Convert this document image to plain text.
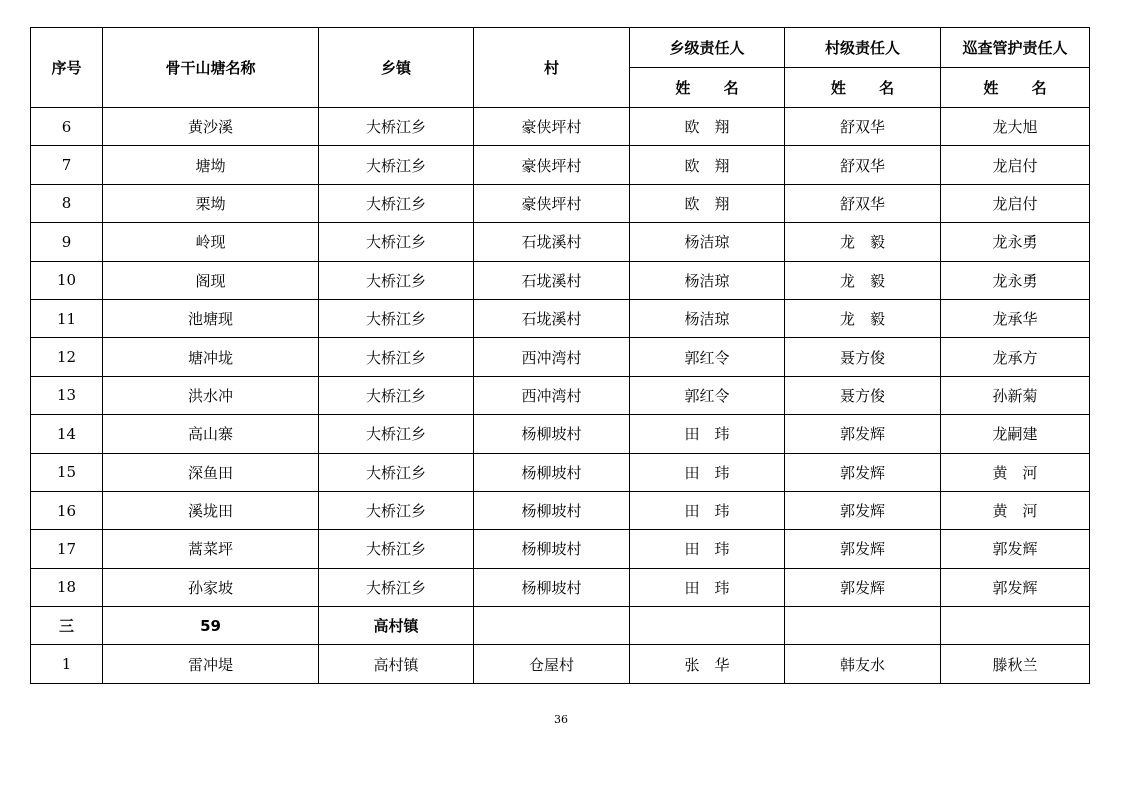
序号	骨干山塘名称	乡镇	村	乡级责任人	村级责任人	巡查管护责任人
				姓 名	姓 名	姓 名
6	黄沙溪	大桥江乡	豪侠坪村	欧　翔	舒双华	龙大旭
7	塘坳	大桥江乡	豪侠坪村	欧　翔	舒双华	龙启付
8	栗坳	大桥江乡	豪侠坪村	欧　翔	舒双华	龙启付
9	岭现	大桥江乡	石垅溪村	杨洁琼	龙　毅	龙永勇
10	阁现	大桥江乡	石垅溪村	杨洁琼	龙　毅	龙永勇
11	池塘现	大桥江乡	石垅溪村	杨洁琼	龙　毅	龙承华
12	塘冲垅	大桥江乡	西冲湾村	郭红令	聂方俊	龙承方
13	洪水冲	大桥江乡	西冲湾村	郭红令	聂方俊	孙新菊
14	高山寨	大桥江乡	杨柳坡村	田　玮	郭发辉	龙嗣建
15	深鱼田	大桥江乡	杨柳坡村	田　玮	郭发辉	黄　河
16	溪垅田	大桥江乡	杨柳坡村	田　玮	郭发辉	黄　河
17	蒿菜坪	大桥江乡	杨柳坡村	田　玮	郭发辉	郭发辉
18	孙家坡	大桥江乡	杨柳坡村	田　玮	郭发辉	郭发辉
三	59	高村镇				
1	雷冲堤	高村镇	仓屋村	张　华	韩友水	滕秋兰
36
